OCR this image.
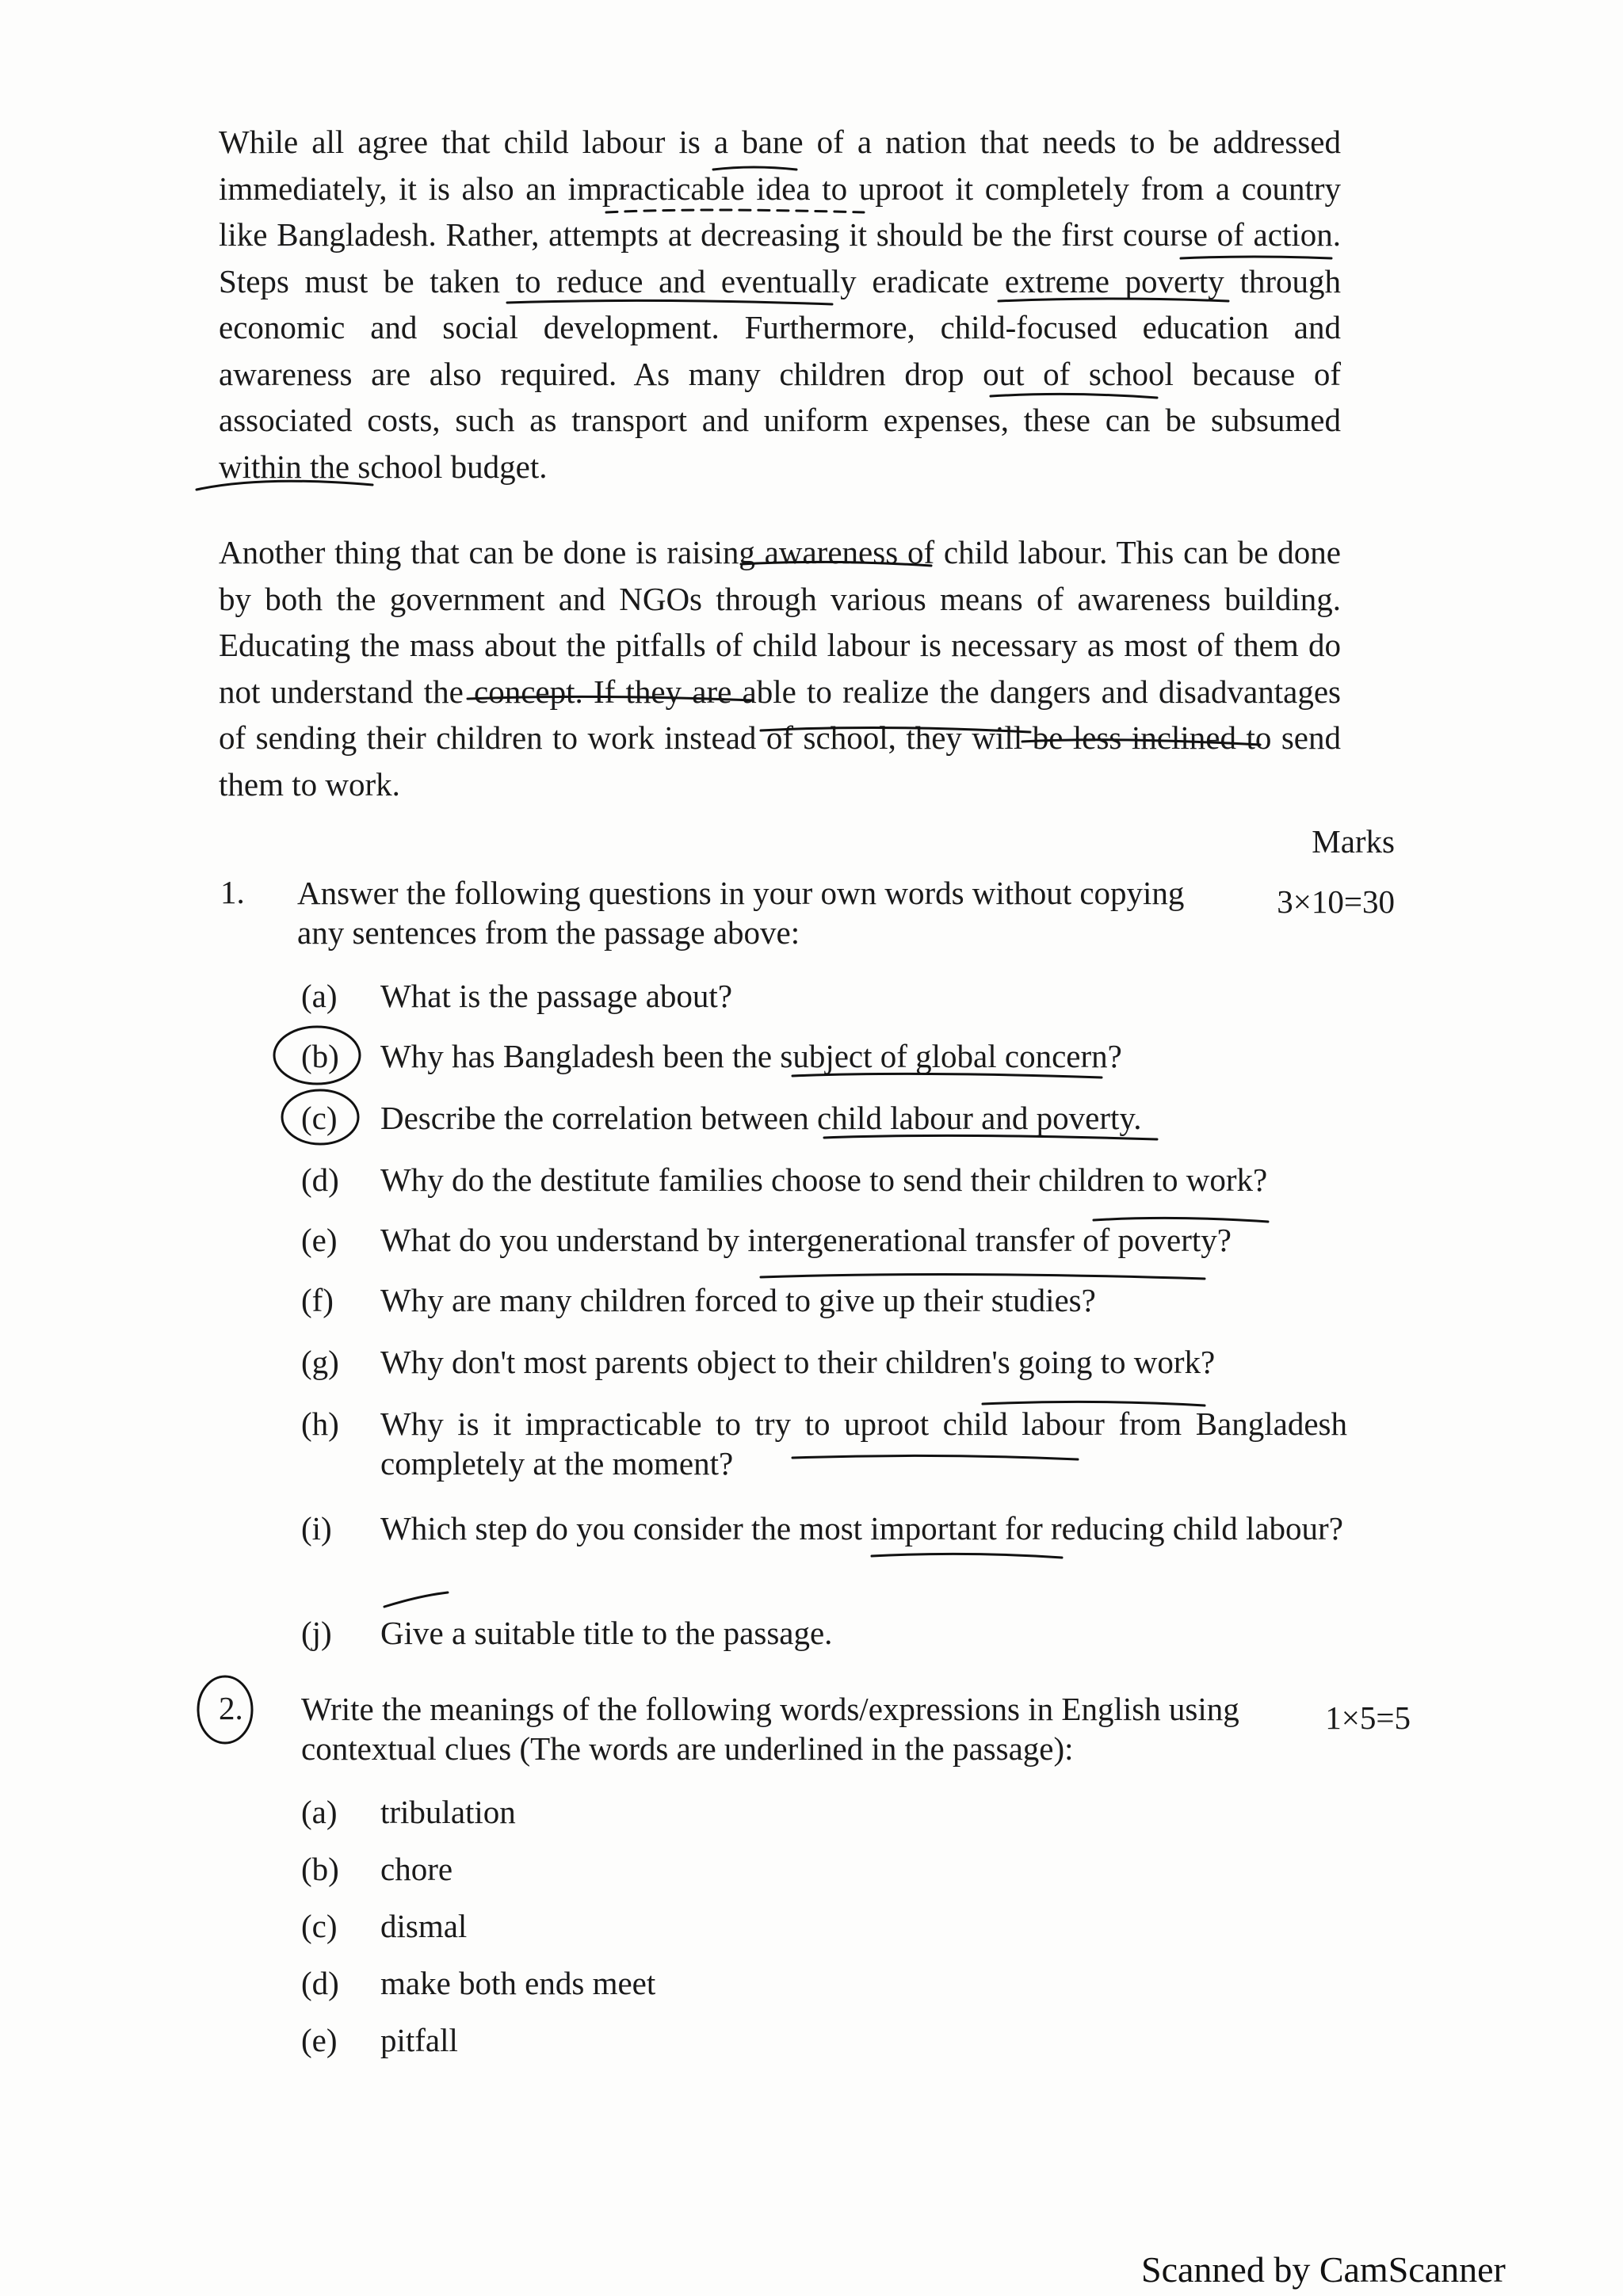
While all agree that child labour is a bane of a nation that needs to be addressed immediately, it is also an impracticable idea to uproot it completely from a country like Bangladesh. Rather, attempts at decreasing it should be the first course of action. Steps must be taken to reduce and eventually eradicate extreme poverty through economic and social development. Furthermore, child-focused education and awareness are also required. As many children drop out of school because of associated costs, such as transport and uniform expenses, these can be subsumed within the school budget.

Another thing that can be done is raising awareness of child labour. This can be done by both the government and NGOs through various means of awareness building. Educating the mass about the pitfalls of child labour is necessary as most of them do not understand the concept. If they are able to realize the dangers and disadvantages of sending their children to work instead of school, they will be less inclined to send them to work.

Marks
1. Answer the following questions in your own words without copying any sentences from the passage above:
3×10=30
(a)	What is the passage about?
(b)	Why has Bangladesh been the subject of global concern?
(c)	Describe the correlation between child labour and poverty.
(d)	Why do the destitute families choose to send their children to work?
(e)	What do you understand by intergenerational transfer of poverty?
(f)	Why are many children forced to give up their studies?
(g)	Why don't most parents object to their children's going to work?
(h)	Why is it impracticable to try to uproot child labour from Bangladesh completely at the moment?
(i)	Which step do you consider the most important for reducing child labour?
(j)	Give a suitable title to the passage.
2. Write the meanings of the following words/expressions in English using contextual clues (The words are underlined in the passage):
1×5=5
(a)	tribulation
(b)	chore
(c)	dismal
(d)	make both ends meet
(e)	pitfall
Scanned by CamScanner
